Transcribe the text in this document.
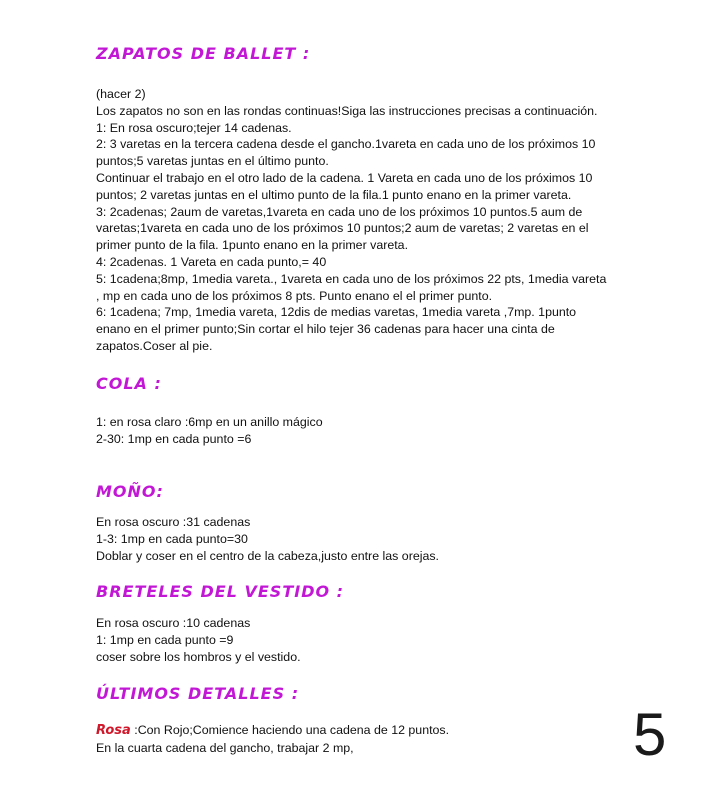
ZAPATOS DE BALLET :
(hacer 2)
Los zapatos no son en las rondas continuas!Siga las instrucciones precisas a continuación.
1: En rosa oscuro;tejer 14 cadenas.
2: 3 varetas en la tercera cadena desde el gancho.1vareta en cada uno de los próximos 10
puntos;5 varetas juntas en el último punto.
Continuar el trabajo en el otro lado de la cadena. 1 Vareta en cada uno de los próximos 10
puntos; 2 varetas juntas en el ultimo punto de la fila.1 punto enano en la primer vareta.
3: 2cadenas; 2aum de varetas,1vareta en cada uno de los próximos 10 puntos.5 aum de
varetas;1vareta en cada uno de los próximos 10 puntos;2 aum de varetas; 2 varetas en el
primer punto de la fila. 1punto enano en la primer vareta.
4: 2cadenas. 1 Vareta en cada punto,= 40
5: 1cadena;8mp, 1media vareta., 1vareta en cada uno de los próximos 22 pts, 1media vareta
, mp en cada uno de los próximos 8 pts. Punto enano el el primer punto.
6: 1cadena; 7mp, 1media vareta, 12dis de medias varetas, 1media vareta ,7mp. 1punto
enano en el primer punto;Sin cortar el hilo tejer 36 cadenas para hacer una cinta de
zapatos.Coser al pie.
COLA :
1: en rosa claro :6mp en un anillo mágico
2-30: 1mp en cada punto =6
MOÑO:
En rosa oscuro :31 cadenas
1-3: 1mp en cada punto=30
Doblar y coser en el centro de la cabeza,justo entre las orejas.
BRETELES DEL VESTIDO :
En rosa oscuro :10 cadenas
1: 1mp en cada punto =9
coser sobre los hombros y el vestido.
ÚLTIMOS DETALLES :
Rosa :Con Rojo;Comience haciendo una cadena de 12 puntos.
En la cuarta cadena del gancho, trabajar 2 mp,	5
